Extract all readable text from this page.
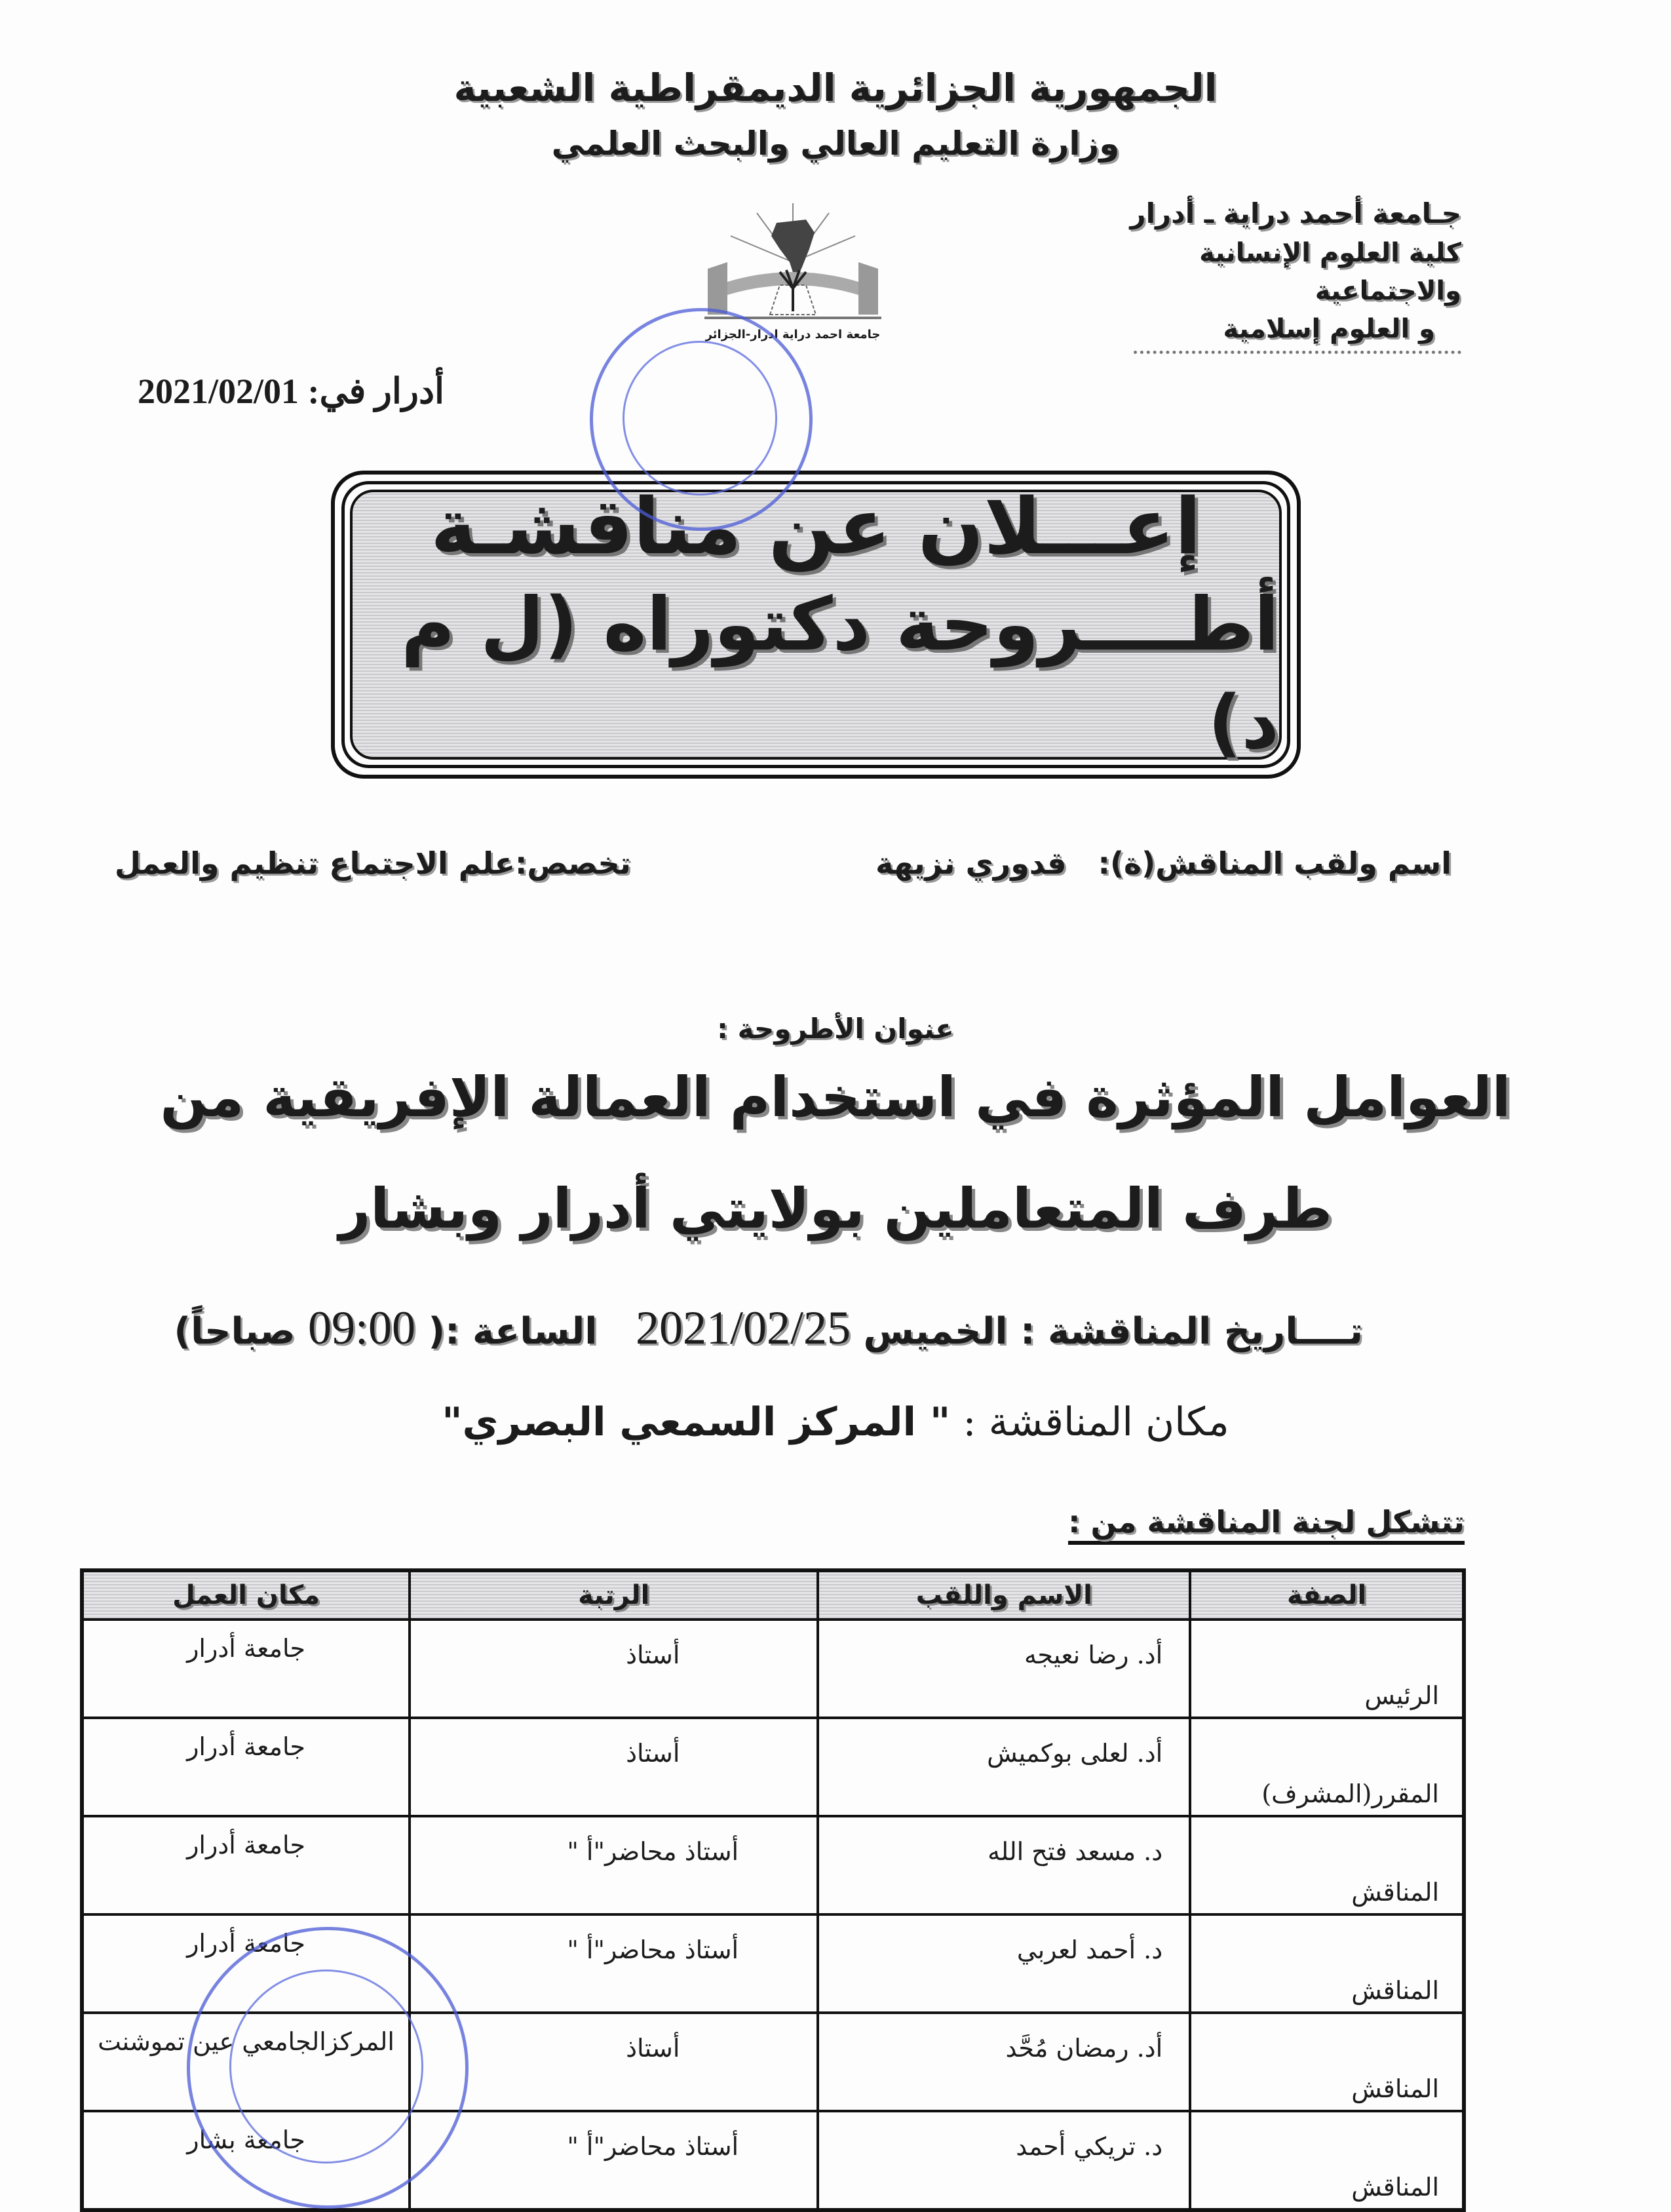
الجمهورية الجزائرية الديمقراطية الشعبية
وزارة التعليم العالي والبحث العلمي
جـامعة أحمد دراية ـ أدرار
كلية العلوم الإنسانية والاجتماعية
و العلوم إسلامية
جامعة احمد دراية ادرار-الجزائر
أدرار في: 2021/02/01
إعـــلان عن مناقشـة
أطــــروحة دكتوراه (ل م د)
اسم ولقب المناقش(ة):   قدوري نزيهة
تخصص:علم الاجتماع تنظيم والعمل
عنوان الأطروحة :
العوامل المؤثرة في استخدام العمالة الإفريقية من
طرف المتعاملين بولايتي أدرار وبشار
تــــاريخ المناقشة : الخميس 2021/02/25   الساعة :( 09:00 صباحاً)
مكان المناقشة : " المركز السمعي البصري"
تتشكل لجنة المناقشة من :
الصفة	الاسم واللقب	الرتبة	مكان العمل
الرئيس	أد. رضا نعيجه	أستاذ	جامعة أدرار
المقرر(المشرف)	أد. لعلى بوكميش	أستاذ	جامعة أدرار
المناقش	د. مسعد فتح الله	أستاذ محاضر"أ "	جامعة أدرار
المناقش	د. أحمد لعربي	أستاذ محاضر"أ "	جامعة أدرار
المناقش	أد. رمضان مُحَّد	أستاذ	المركزالجامعي عين تموشنت
المناقش	د. تريكي أحمد	أستاذ محاضر"أ "	جامعة بشار
